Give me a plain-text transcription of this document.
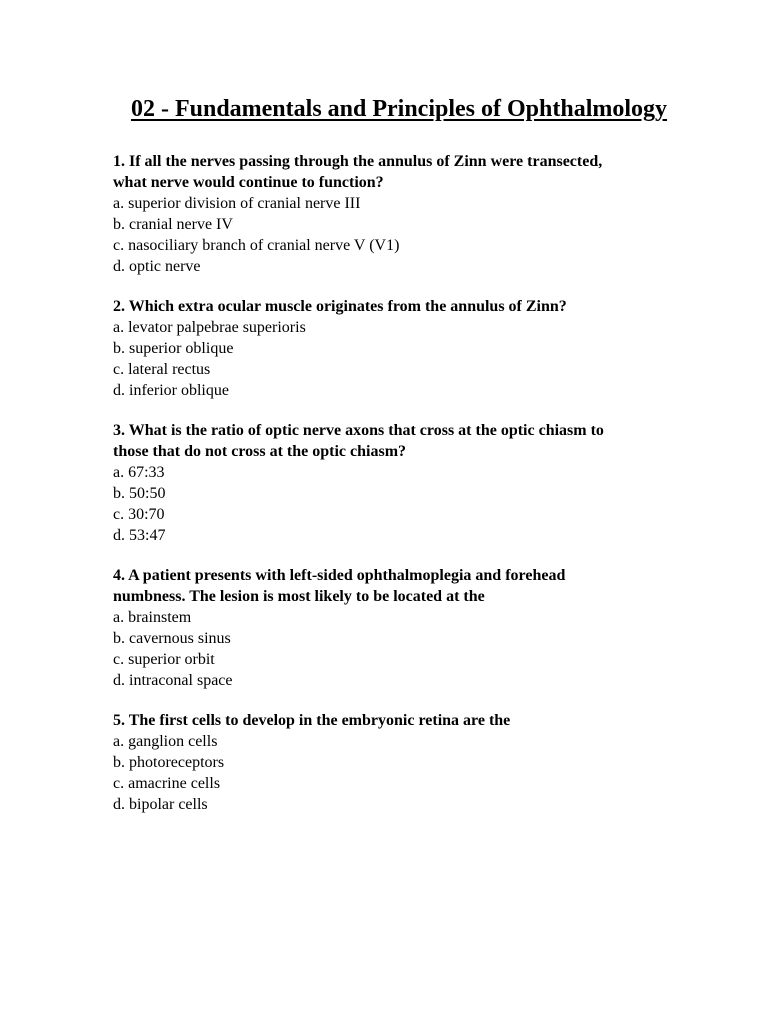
02 - Fundamentals and Principles of Ophthalmology

1. If all the nerves passing through the annulus of Zinn were transected,
what nerve would continue to function?

a. superior division of cranial nerve III
b. cranial nerve IV
c. nasociliary branch of cranial nerve V (V1)
d. optic nerve

2. Which extra ocular muscle originates from the annulus of Zinn?

a. levator palpebrae superioris
b. superior oblique
c. lateral rectus
d. inferior oblique

3. What is the ratio of optic nerve axons that cross at the optic chiasm to
those that do not cross at the optic chiasm?

a. 67:33
b. 50:50
c. 30:70
d. 53:47

4. A patient presents with left-sided ophthalmoplegia and forehead
numbness. The lesion is most likely to be located at the

a. brainstem
b. cavernous sinus
c. superior orbit
d. intraconal space

5. The first cells to develop in the embryonic retina are the

a. ganglion cells
b. photoreceptors
c. amacrine cells
d. bipolar cells
